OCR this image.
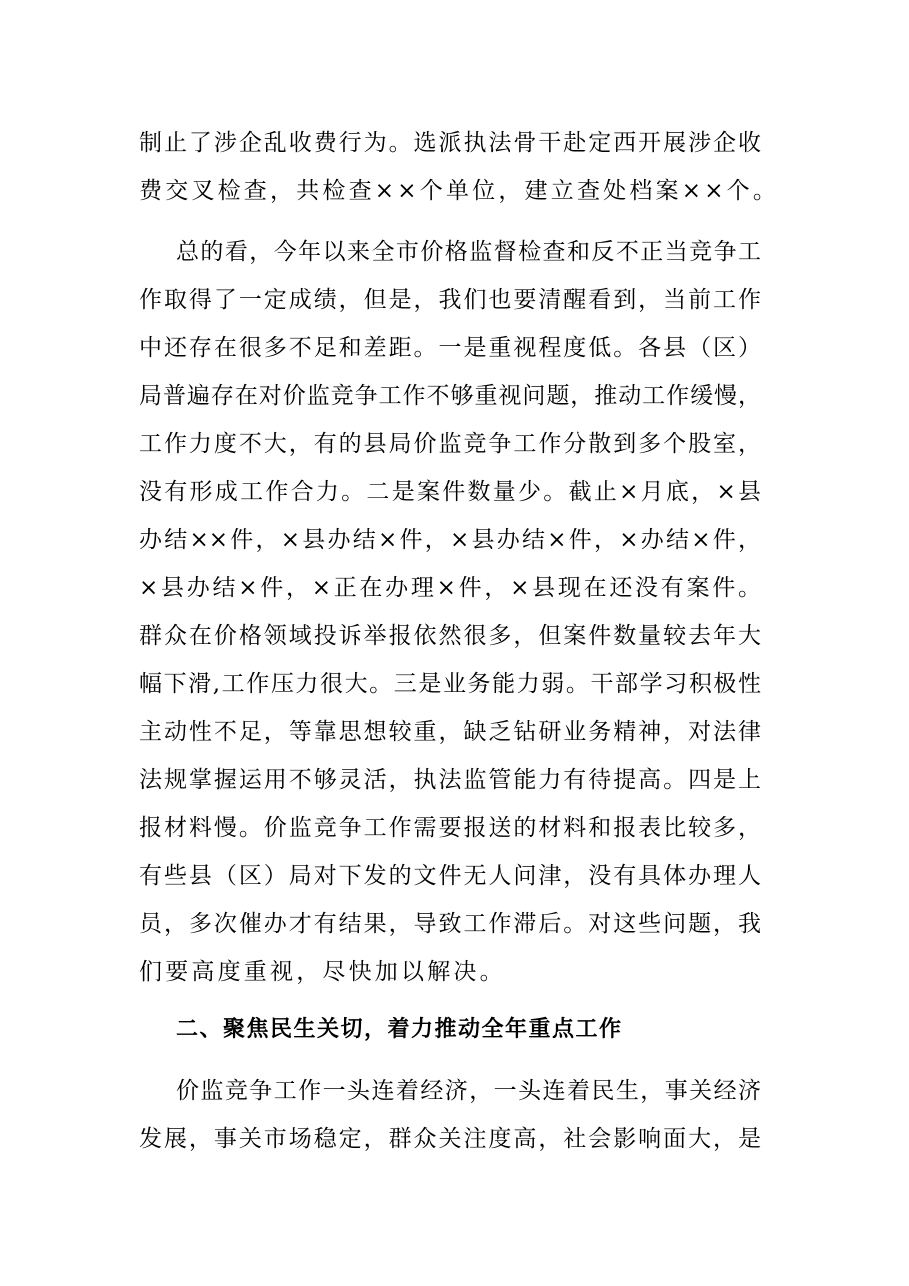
制止了涉企乱收费行为。选派执法骨干赴定西开展涉企收
费交叉检查，共检查××个单位，建立查处档案××个。
总的看，今年以来全市价格监督检查和反不正当竞争工
作取得了一定成绩，但是，我们也要清醒看到，当前工作
中还存在很多不足和差距。一是重视程度低。各县（区）
局普遍存在对价监竞争工作不够重视问题，推动工作缓慢，
工作力度不大，有的县局价监竞争工作分散到多个股室，
没有形成工作合力。二是案件数量少。截止×月底，×县
办结××件，×县办结×件，×县办结×件，×办结×件，
×县办结×件，×正在办理×件，×县现在还没有案件。
群众在价格领域投诉举报依然很多，但案件数量较去年大
幅下滑,工作压力很大。三是业务能力弱。干部学习积极性
主动性不足，等靠思想较重，缺乏钻研业务精神，对法律
法规掌握运用不够灵活，执法监管能力有待提高。四是上
报材料慢。价监竞争工作需要报送的材料和报表比较多，
有些县（区）局对下发的文件无人问津，没有具体办理人
员，多次催办才有结果，导致工作滞后。对这些问题，我
们要高度重视，尽快加以解决。
二、聚焦民生关切，着力推动全年重点工作
价监竞争工作一头连着经济，一头连着民生，事关经济
发展，事关市场稳定，群众关注度高，社会影响面大，是
